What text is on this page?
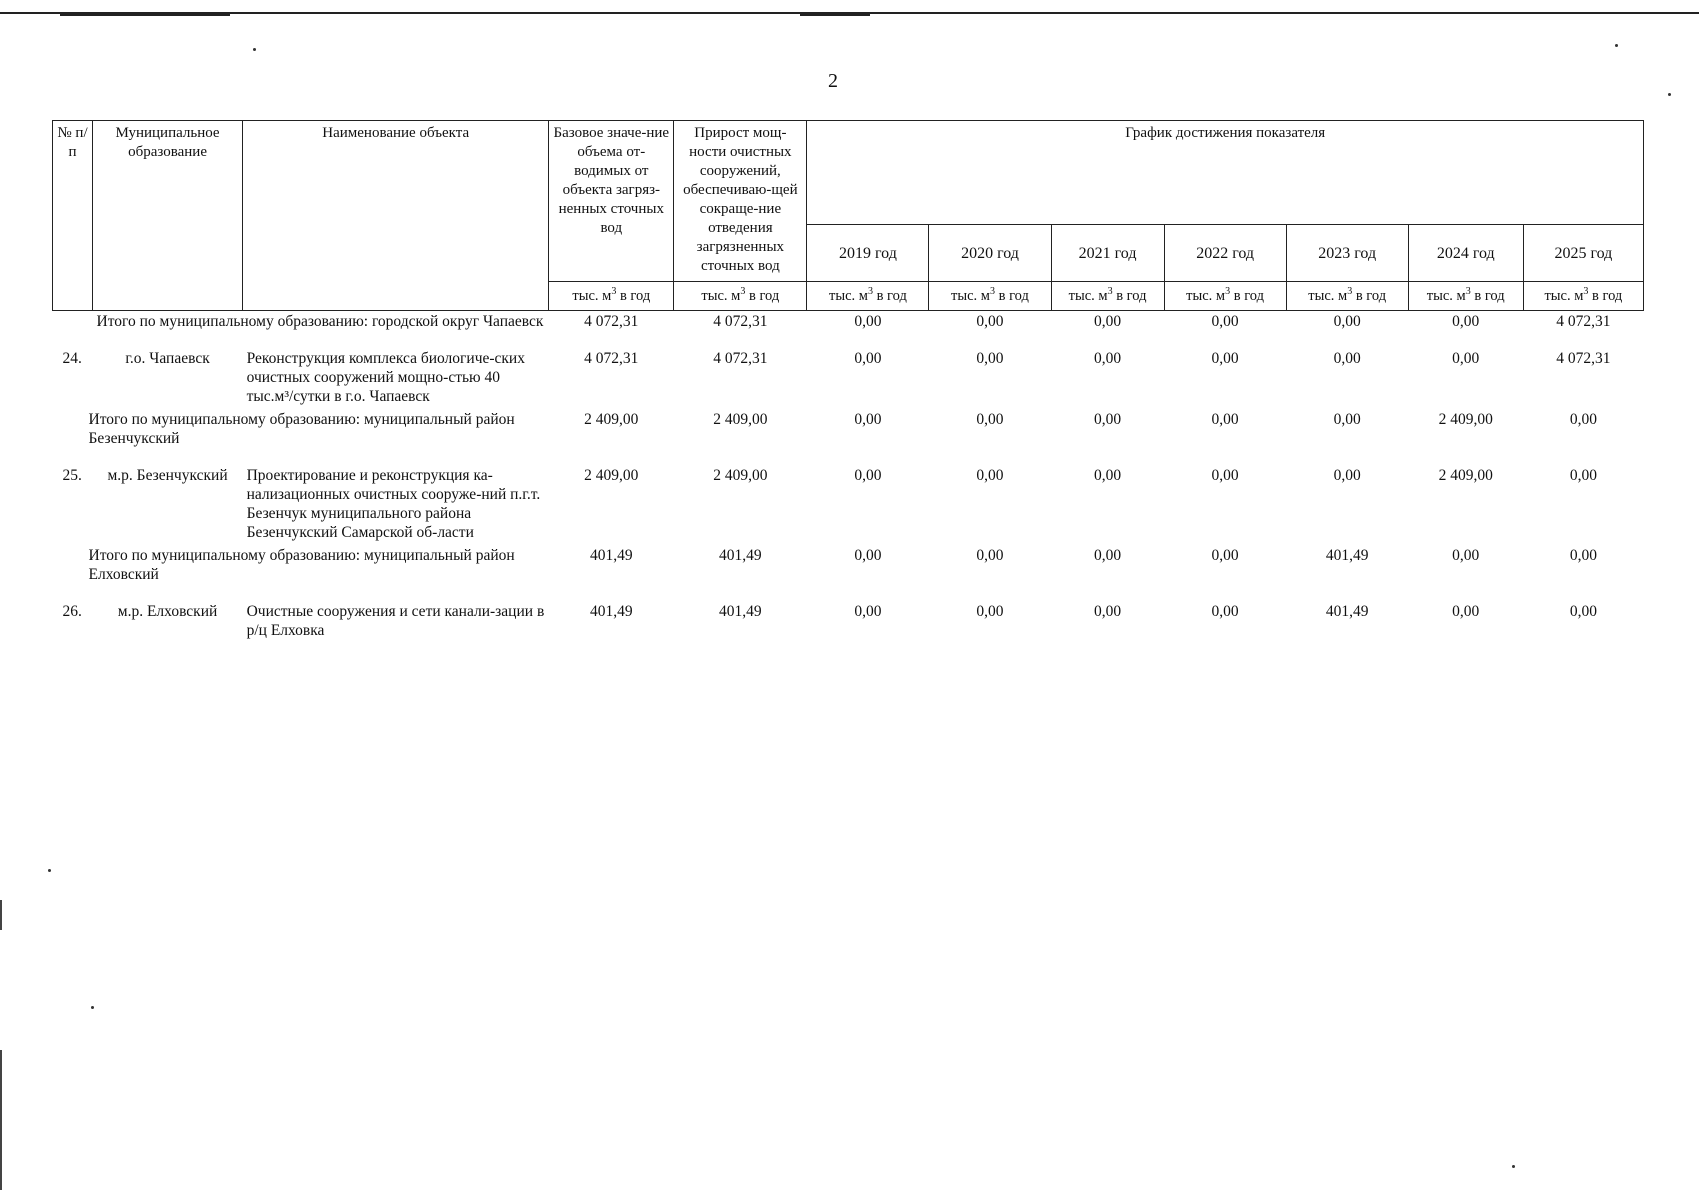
2
№ п/п	Муниципальное образование	Наименование объекта	Базовое значе-ние объема от-водимых от объекта загряз-ненных сточных вод	Прирост мощ-ности очистных сооружений, обеспечиваю-щей сокраще-ние отведения загрязненных сточных вод	График достижения показателя						
					2019 год	2020 год	2021 год	2022 год	2023 год	2024 год	2025 год
			тыс. $м^3$ в год	тыс. $м^3$ в год	тыс. $м^3$ в год	тыс. $м^3$ в год	тыс. $м^3$ в год	тыс. $м^3$ в год	тыс. $м^3$ в год	тыс. $м^3$ в год	тыс. $м^3$ в год
Итого по муниципальному образованию: городской округ Чапаевск			4 072,31	4 072,31	0,00	0,00	0,00	0,00	0,00	0,00	4 072,31
24.	г.о. Чапаевск	Реконструкция комплекса биологиче-ских очистных сооружений мощно-стью 40 тыс.м³/сутки в г.о. Чапаевск	4 072,31	4 072,31	0,00	0,00	0,00	0,00	0,00	0,00	4 072,31
Итого по муниципальному образованию: муниципальный район Безенчукский			2 409,00	2 409,00	0,00	0,00	0,00	0,00	0,00	2 409,00	0,00
25.	м.р. Безенчукский	Проектирование и реконструкция ка-нализационных очистных сооруже-ний п.г.т. Безенчук муниципального района Безенчукский Самарской об-ласти	2 409,00	2 409,00	0,00	0,00	0,00	0,00	0,00	2 409,00	0,00
Итого по муниципальному образованию: муниципальный район Елховский			401,49	401,49	0,00	0,00	0,00	0,00	401,49	0,00	0,00
26.	м.р. Елховский	Очистные сооружения и сети канали-зации в р/ц Елховка	401,49	401,49	0,00	0,00	0,00	0,00	401,49	0,00	0,00
